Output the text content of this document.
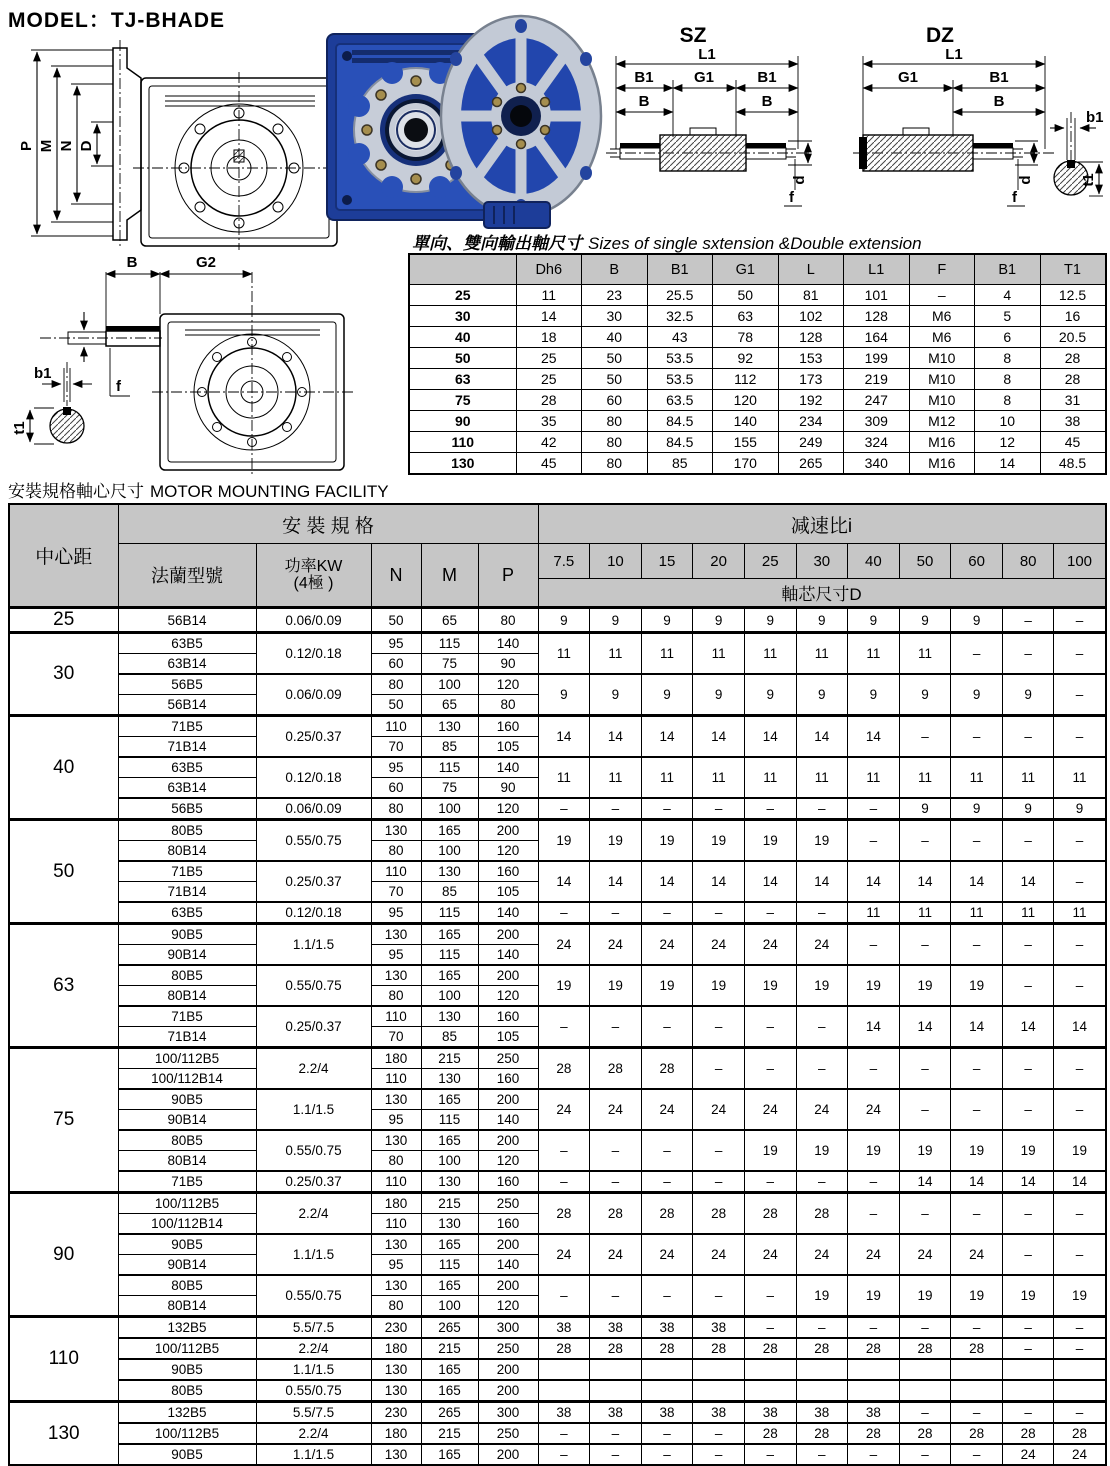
MODEL：TJ-BHADE
P M N D
B	G2
f
b1
t1
SZ	DZ
L1
B1	G1	B1
B	B
f
d
L1
G1	B1
B
f
d
b1
t1
單向、雙向輸出軸尺寸 Sizes of single sxtension &Double extension
	Dh6	B	B1	G1	L	L1	F	B1	T1
25	11	23	25.5	50	81	101	–	4	12.5
30	14	30	32.5	63	102	128	M6	5	16
40	18	40	43	78	128	164	M6	6	20.5
50	25	50	53.5	92	153	199	M10	8	28
63	25	50	53.5	112	173	219	M10	8	28
75	28	60	63.5	120	192	247	M10	8	31
90	35	80	84.5	140	234	309	M12	10	38
110	42	80	84.5	155	249	324	M16	12	45
130	45	80	85	170	265	340	M16	14	48.5
安裝規格軸心尺寸 MOTOR MOUNTING FACILITY
中心距	安 裝 規 格					减速比i										
	法蘭型號	功率KW
(4極 )	N	M	P	7.5	10	15	20	25	30	40	50	60	80	100
						軸芯尺寸D										
25	56B14	0.06/0.09	50	65	80	9	9	9	9	9	9	9	9	9	–	–
30	63B5	0.12/0.18	95	115	140	11	11	11	11	11	11	11	11	–	–	–
	63B14		60	75	90											
	56B5	0.06/0.09	80	100	120	9	9	9	9	9	9	9	9	9	9	–
	56B14		50	65	80											
40	71B5	0.25/0.37	110	130	160	14	14	14	14	14	14	14	–	–	–	–
	71B14		70	85	105											
	63B5	0.12/0.18	95	115	140	11	11	11	11	11	11	11	11	11	11	11
	63B14		60	75	90											
	56B5	0.06/0.09	80	100	120	–	–	–	–	–	–	–	9	9	9	9
50	80B5	0.55/0.75	130	165	200	19	19	19	19	19	19	–	–	–	–	–
	80B14		80	100	120											
	71B5	0.25/0.37	110	130	160	14	14	14	14	14	14	14	14	14	14	–
	71B14		70	85	105											
	63B5	0.12/0.18	95	115	140	–	–	–	–	–	–	11	11	11	11	11
63	90B5	1.1/1.5	130	165	200	24	24	24	24	24	24	–	–	–	–	–
	90B14		95	115	140											
	80B5	0.55/0.75	130	165	200	19	19	19	19	19	19	19	19	19	–	–
	80B14		80	100	120											
	71B5	0.25/0.37	110	130	160	–	–	–	–	–	–	14	14	14	14	14
	71B14		70	85	105											
75	100/112B5	2.2/4	180	215	250	28	28	28	–	–	–	–	–	–	–	–
	100/112B14		110	130	160											
	90B5	1.1/1.5	130	165	200	24	24	24	24	24	24	24	–	–	–	–
	90B14		95	115	140											
	80B5	0.55/0.75	130	165	200	–	–	–	–	19	19	19	19	19	19	19
	80B14		80	100	120											
	71B5	0.25/0.37	110	130	160	–	–	–	–	–	–	–	14	14	14	14
90	100/112B5	2.2/4	180	215	250	28	28	28	28	28	28	–	–	–	–	–
	100/112B14		110	130	160											
	90B5	1.1/1.5	130	165	200	24	24	24	24	24	24	24	24	24	–	–
	90B14		95	115	140											
	80B5	0.55/0.75	130	165	200	–	–	–	–	–	19	19	19	19	19	19
	80B14		80	100	120											
110	132B5	5.5/7.5	230	265	300	38	38	38	38	–	–	–	–	–	–	–
	100/112B5	2.2/4	180	215	250	28	28	28	28	28	28	28	28	28	–	–
	90B5	1.1/1.5	130	165	200											
	80B5	0.55/0.75	130	165	200											
130	132B5	5.5/7.5	230	265	300	38	38	38	38	38	38	38	–	–	–	–
	100/112B5	2.2/4	180	215	250	–	–	–	–	28	28	28	28	28	28	28
	90B5	1.1/1.5	130	165	200	–	–	–	–	–	–	–	–	–	24	24
